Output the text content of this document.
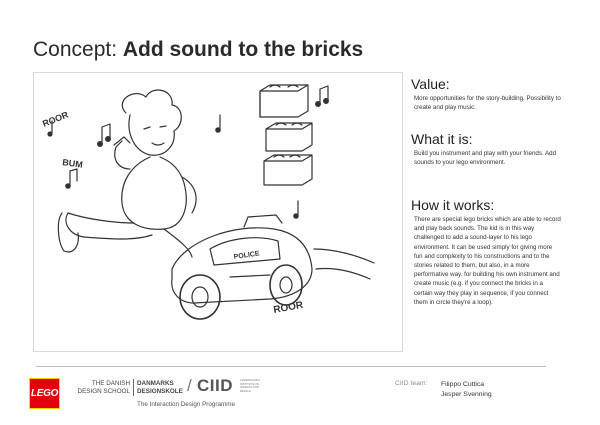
Concept: Add sound to the bricks
ROOR
BUM
POLICE
ROOR
Value:

More opportunities for the story-building. Possibility to create and play music.

What it is:

Build you instrument and play with your friends. Add sounds to your lego environment.

How it works:

There are special lego bricks which are able to record and play back sounds. The kid is in this way challenged to add a sound-layer to his lego environment. It can be used simply for giving more fun and complexity to his constructions and to the stories related to them, but also, in a more performative way, for building his own instrument and create music (e.g. if you connect the bricks in a certain way they play in sequence, if you connect them in circle they're a loop).

LEGO
THE DANISH
DESIGN SCHOOL
DANMARKS
DESIGNSKOLE / CIID	COPENHAGEN INSTITUTE OF INTERACTION DESIGN
The Interaction Design Programme
CIID team: Filippo Cuttica
Jesper Svenning
